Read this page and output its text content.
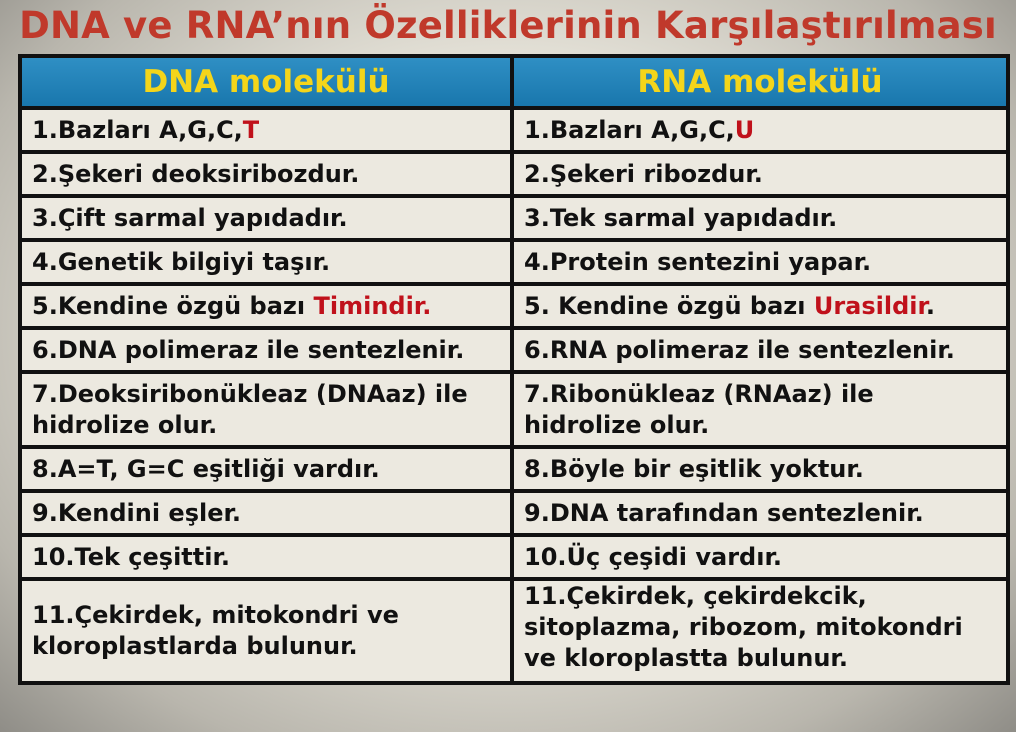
DNA ve RNA’nın Özelliklerinin Karşılaştırılması
DNA molekülü	RNA molekülü
1.Bazları A,G,C,T	1.Bazları A,G,C,U
2.Şekeri deoksiribozdur.	2.Şekeri ribozdur.
3.Çift sarmal yapıdadır.	3.Tek sarmal yapıdadır.
4.Genetik bilgiyi taşır.	4.Protein sentezini yapar.
5.Kendine özgü bazı Timindir.	5. Kendine özgü bazı Urasildir.
6.DNA polimeraz ile sentezlenir.	6.RNA polimeraz ile sentezlenir.
7.Deoksiribonükleaz (DNAaz) ile hidrolize olur.	7.Ribonükleaz (RNAaz) ile hidrolize olur.
8.A=T, G=C eşitliği vardır.	8.Böyle bir eşitlik yoktur.
9.Kendini eşler.	9.DNA tarafından sentezlenir.
10.Tek çeşittir.	10.Üç çeşidi vardır.
11.Çekirdek, mitokondri ve kloroplastlarda bulunur.	11.Çekirdek, çekirdekcik, sitoplazma, ribozom, mitokondri ve kloroplastta bulunur.
